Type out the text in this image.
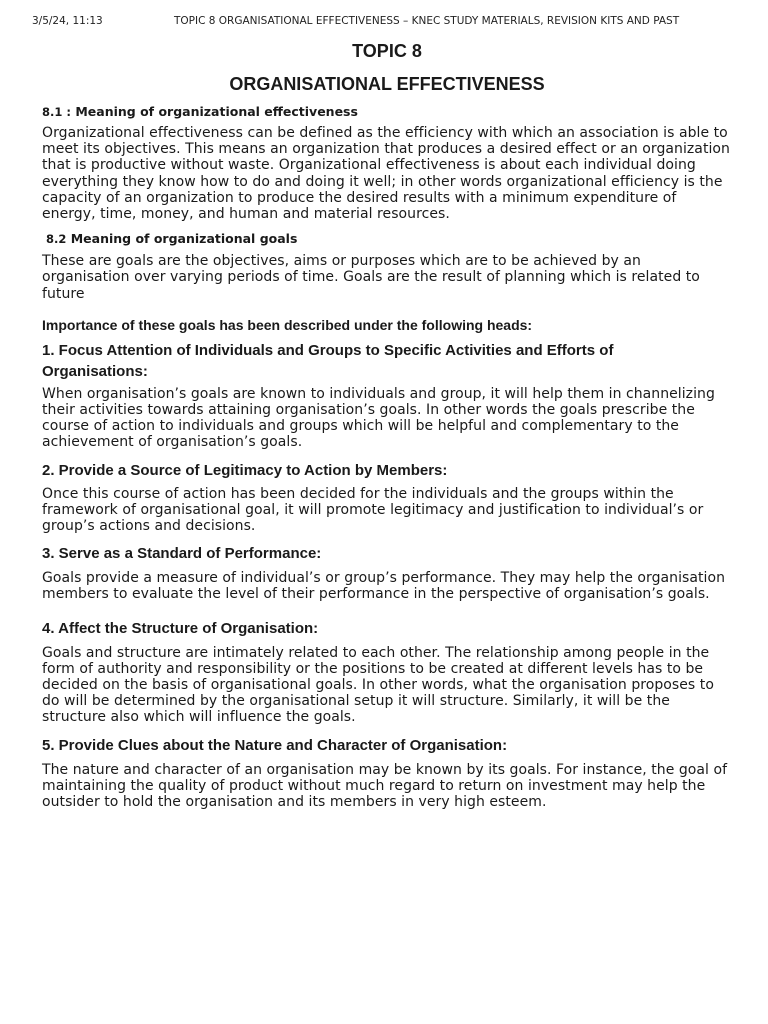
3/5/24, 11:13	TOPIC 8 ORGANISATIONAL EFFECTIVENESS – KNEC STUDY MATERIALS, REVISION KITS AND PAST
TOPIC 8
ORGANISATIONAL EFFECTIVENESS
8.1 : Meaning of organizational effectiveness

Organizational effectiveness can be defined as the efficiency with which an association is able to meet its objectives. This means an organization that produces a desired effect or an organization that is productive without waste. Organizational effectiveness is about each individual doing everything they know how to do and doing it well; in other words organizational efficiency is the capacity of an organization to produce the desired results with a minimum expenditure of energy, time, money, and human and material resources.

8.2 Meaning of organizational goals

These are goals are the objectives, aims or purposes which are to be achieved by an organisation over varying periods of time. Goals are the result of planning which is related to future

Importance of these goals has been described under the following heads:
1. Focus Attention of Individuals and Groups to Specific Activities and Efforts of Organisations:

When organisation’s goals are known to individuals and group, it will help them in channelizing their activities towards attaining organisation’s goals. In other words the goals prescribe the course of action to individuals and groups which will be helpful and complementary to the achievement of organisation’s goals.

2. Provide a Source of Legitimacy to Action by Members:

Once this course of action has been decided for the individuals and the groups within the framework of organisational goal, it will promote legitimacy and justification to individual’s or group’s actions and decisions.

3. Serve as a Standard of Performance:

Goals provide a measure of individual’s or group’s performance. They may help the organisation members to evaluate the level of their performance in the perspective of organisation’s goals.

4. Affect the Structure of Organisation:

Goals and structure are intimately related to each other. The relationship among people in the form of authority and responsibility or the positions to be created at different levels has to be decided on the basis of organisational goals. In other words, what the organisation proposes to do will be determined by the organisational setup it will structure. Similarly, it will be the structure also which will influence the goals.

5. Provide Clues about the Nature and Character of Organisation:

The nature and character of an organisation may be known by its goals. For instance, the goal of maintaining the quality of product without much regard to return on investment may help the outsider to hold the organisation and its members in very high esteem.
